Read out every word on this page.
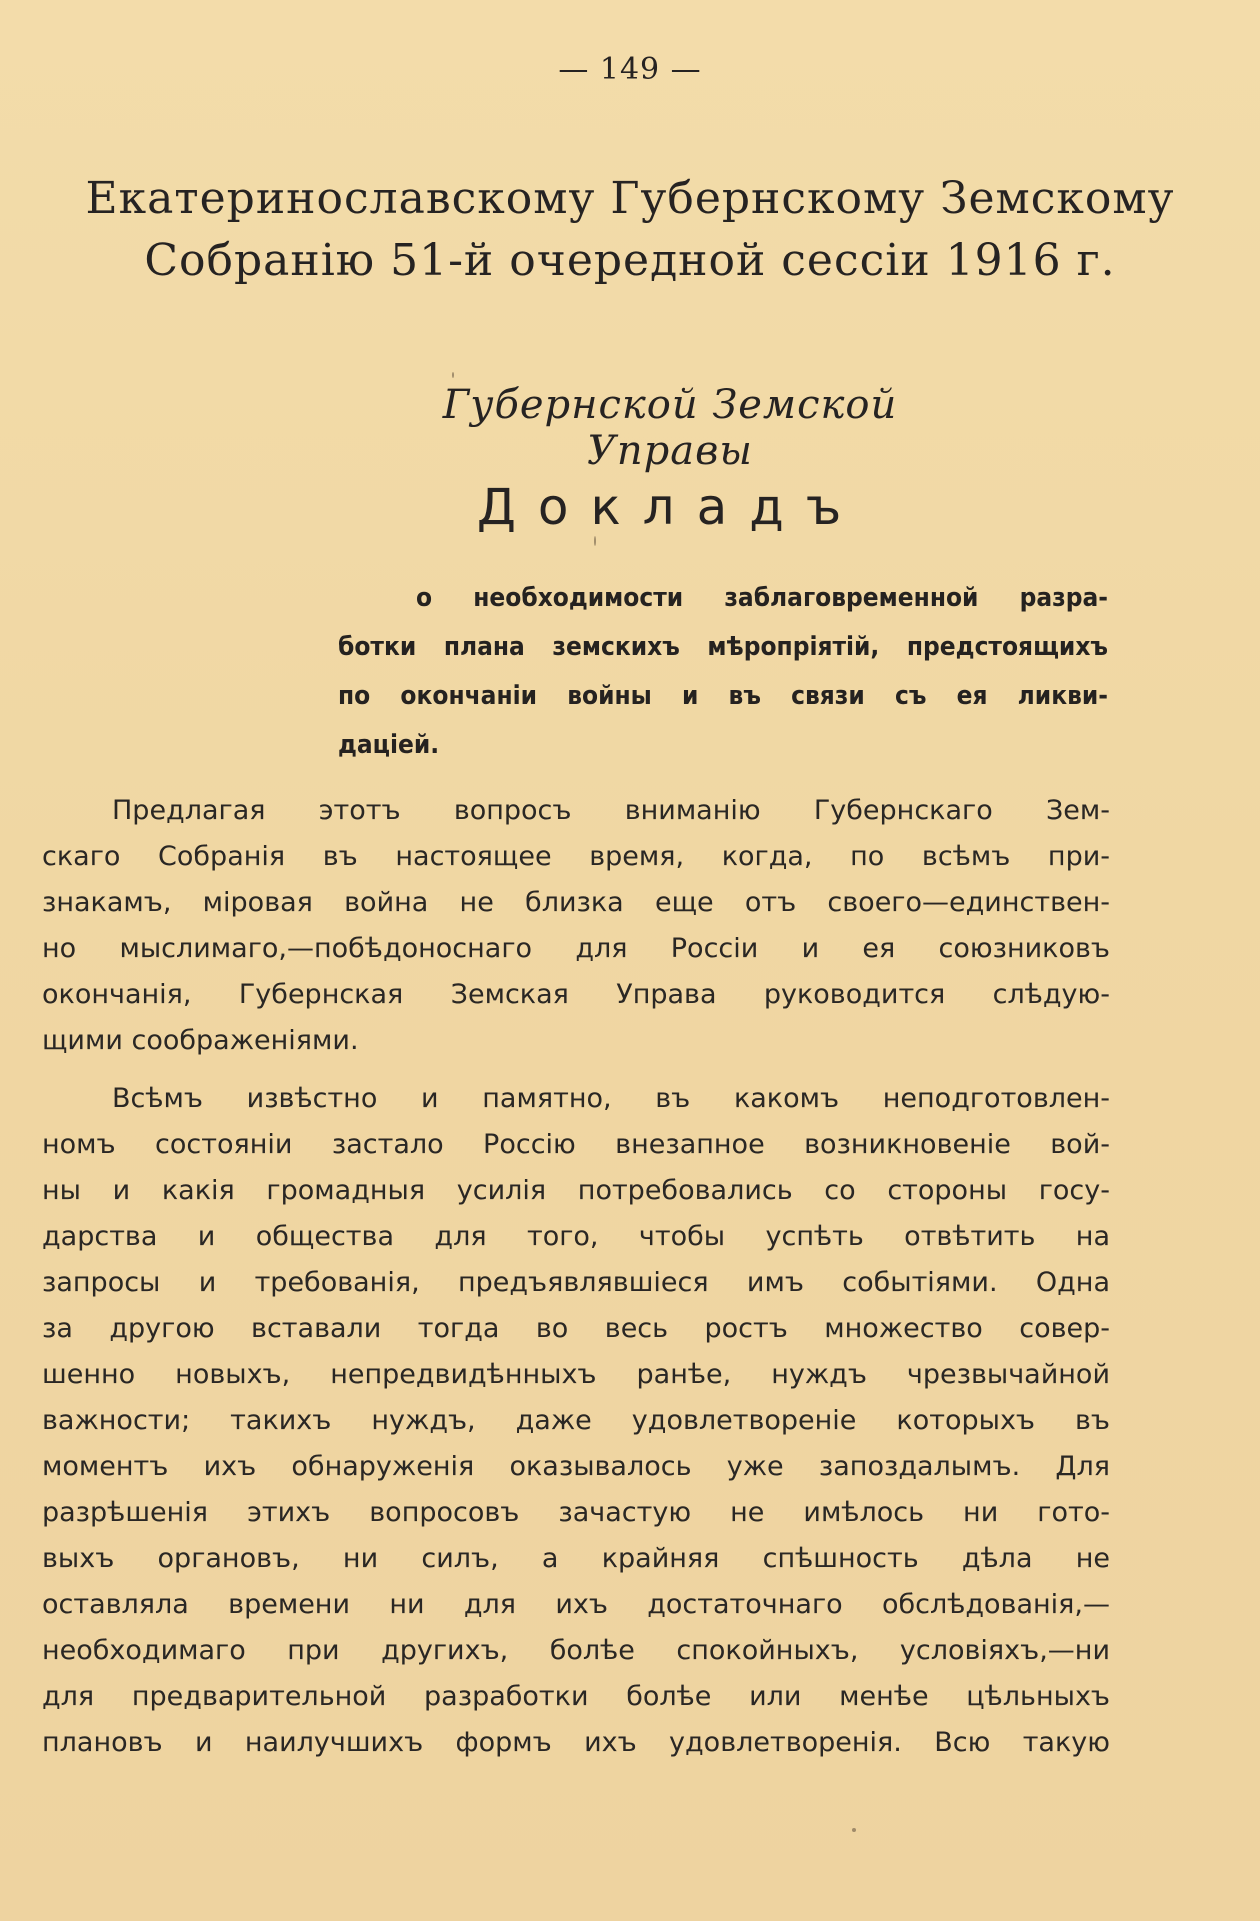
— 149 —
Екатеринославскому Губернскому Земскому
Собранію 51-й очередной сессіи 1916 г.
Губернской Земской Управы
Докладъ
о необходимости заблаговременной разра-
ботки плана земскихъ мѣропріятій, предстоящихъ
по окончаніи войны и въ связи съ ея ликви-
даціей.
Предлагая этотъ вопросъ вниманію Губернскаго Зем-
скаго Собранія въ настоящее время, когда, по всѣмъ при-
знакамъ, міровая война не близка еще отъ своего—единствен-
но мыслимаго,—побѣдоноснаго для Россіи и ея союзниковъ
окончанія, Губернская Земская Управа руководится слѣдую-
щими соображеніями.
Всѣмъ извѣстно и памятно, въ какомъ неподготовлен-
номъ состояніи застало Россію внезапное возникновеніе вой-
ны и какія громадныя усилія потребовались со стороны госу-
дарства и общества для того, чтобы успѣть отвѣтить на
запросы и требованія, предъявлявшіеся имъ событіями. Одна
за другою вставали тогда во весь ростъ множество совер-
шенно новыхъ, непредвидѣнныхъ ранѣе, нуждъ чрезвычайной
важности; такихъ нуждъ, даже удовлетвореніе которыхъ въ
моментъ ихъ обнаруженія оказывалось уже запоздалымъ. Для
разрѣшенія этихъ вопросовъ зачастую не имѣлось ни гото-
выхъ органовъ, ни силъ, а крайняя спѣшность дѣла не
оставляла времени ни для ихъ достаточнаго обслѣдованія,—
необходимаго при другихъ, болѣе спокойныхъ, условіяхъ,—ни
для предварительной разработки болѣе или менѣе цѣльныхъ
плановъ и наилучшихъ формъ ихъ удовлетворенія. Всю такую
